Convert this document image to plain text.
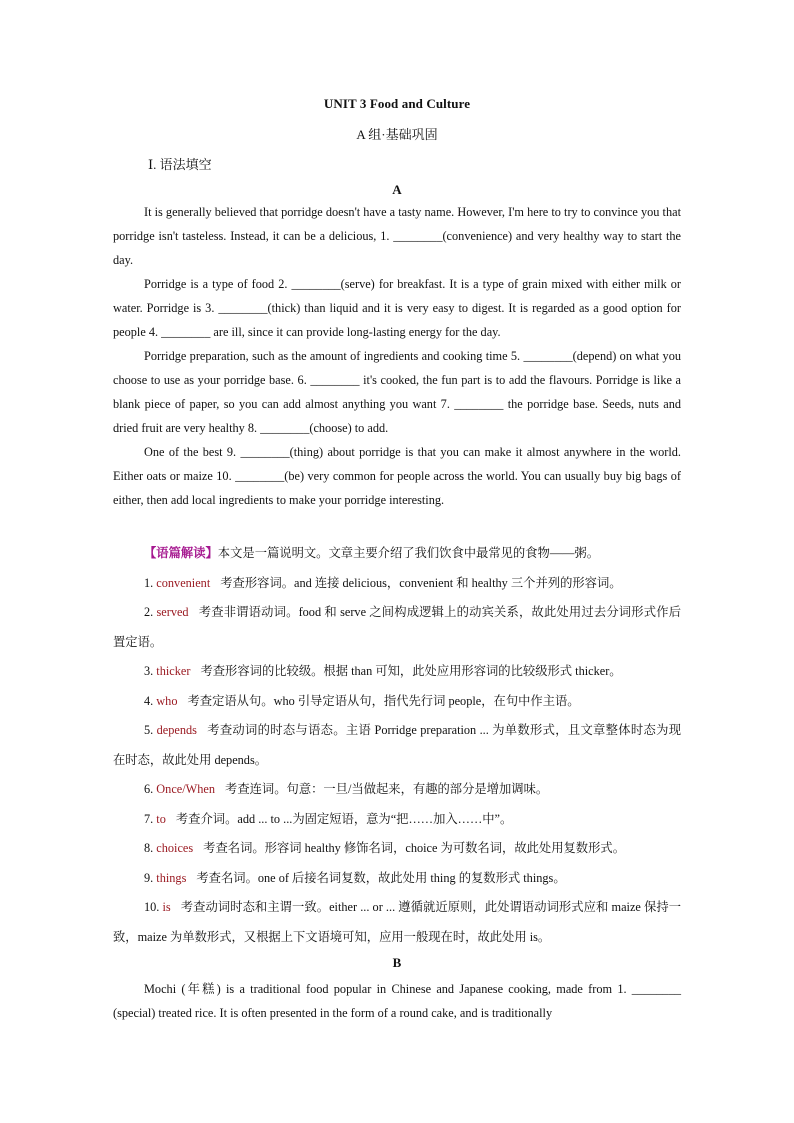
UNIT 3 Food and Culture
A 组·基础巩固
Ⅰ. 语法填空
A

It is generally believed that porridge doesn't have a tasty name. However, I'm here to try to convince you that porridge isn't tasteless. Instead, it can be a delicious, 1. ________(convenience) and very healthy way to start the day.

Porridge is a type of food 2. ________(serve) for breakfast. It is a type of grain mixed with either milk or water. Porridge is 3. ________(thick) than liquid and it is very easy to digest. It is regarded as a good option for people 4. ________ are ill, since it can provide long-lasting energy for the day.

Porridge preparation, such as the amount of ingredients and cooking time 5. ________(depend) on what you choose to use as your porridge base. 6. ________ it's cooked, the fun part is to add the flavours. Porridge is like a blank piece of paper, so you can add almost anything you want 7. ________ the porridge base. Seeds, nuts and dried fruit are very healthy 8. ________(choose) to add.

One of the best 9. ________(thing) about porridge is that you can make it almost anywhere in the world. Either oats or maize 10. ________(be) very common for people across the world. You can usually buy big bags of either, then add local ingredients to make your porridge interesting.

【语篇解读】本文是一篇说明文。文章主要介绍了我们饮食中最常见的食物——粥。

1. convenient 考查形容词。and 连接 delicious，convenient 和 healthy 三个并列的形容词。

2. served 考查非谓语动词。food 和 serve 之间构成逻辑上的动宾关系，故此处用过去分词形式作后置定语。

3. thicker 考查形容词的比较级。根据 than 可知，此处应用形容词的比较级形式 thicker。

4. who 考查定语从句。who 引导定语从句，指代先行词 people，在句中作主语。

5. depends 考查动词的时态与语态。主语 Porridge preparation ... 为单数形式，且文章整体时态为现在时态，故此处用 depends。

6. Once/When 考查连词。句意：一旦/当做起来，有趣的部分是增加调味。

7. to 考查介词。add ... to ...为固定短语，意为“把……加入……中”。

8. choices 考查名词。形容词 healthy 修饰名词，choice 为可数名词，故此处用复数形式。

9. things 考查名词。one of 后接名词复数，故此处用 thing 的复数形式 things。

10. is 考查动词时态和主谓一致。either ... or ... 遵循就近原则，此处谓语动词形式应和 maize 保持一致，maize 为单数形式，又根据上下文语境可知，应用一般现在时，故此处用 is。

B

Mochi (年糕) is a traditional food popular in Chinese and Japanese cooking, made from 1. ________ (special) treated rice. It is often presented in the form of a round cake, and is traditionally
